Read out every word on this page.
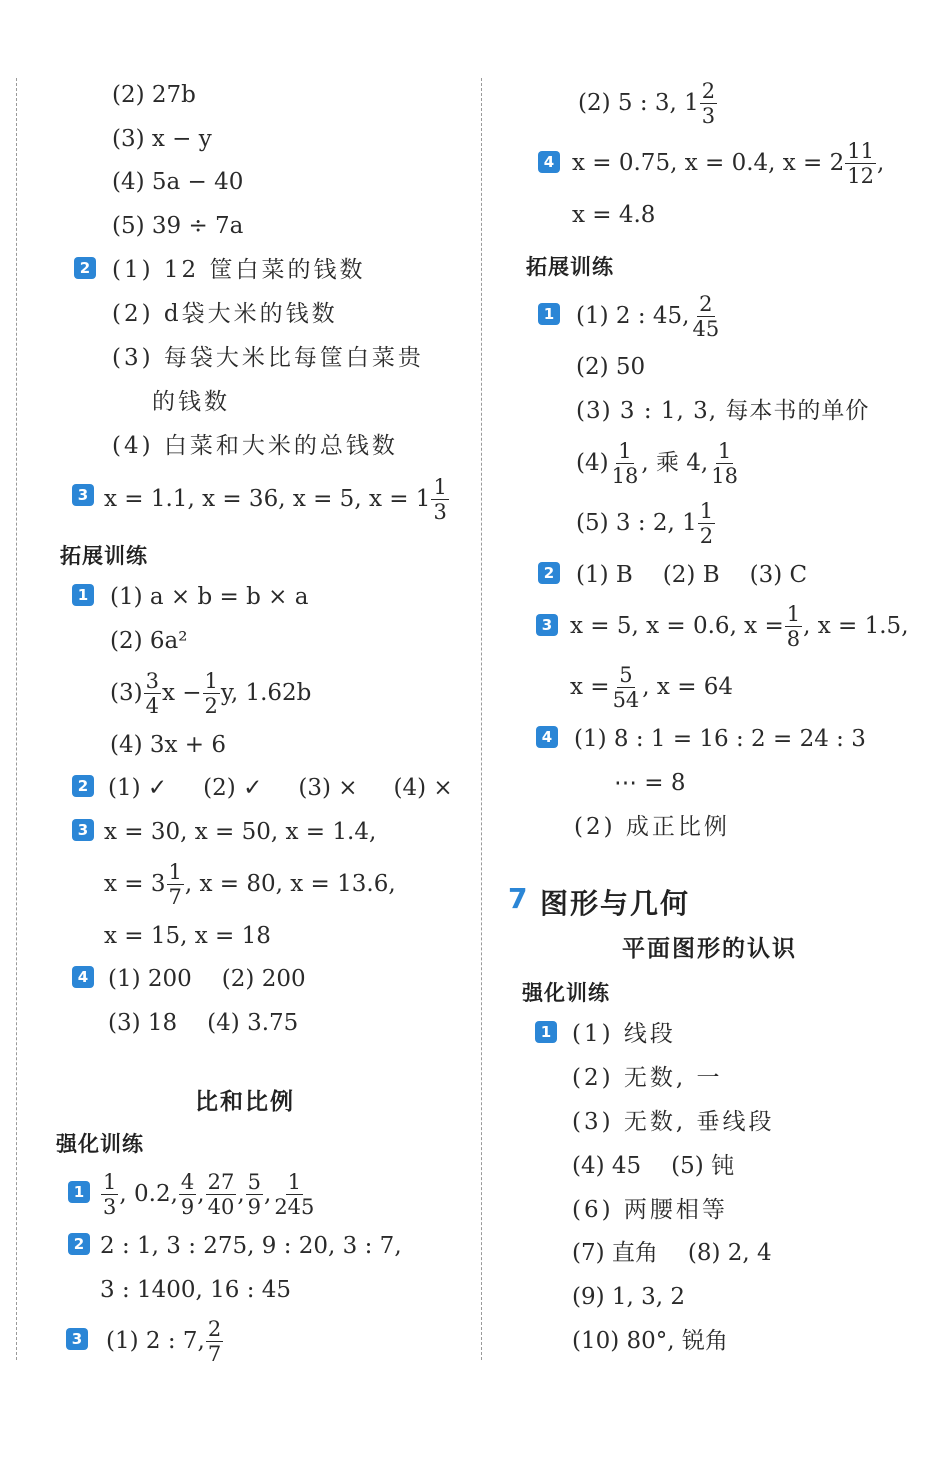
(2) 27b
(3) x − y
(4) 5a − 40
(5) 39 ÷ 7a
2 (1) 12 筐白菜的钱数
(2) d袋大米的钱数
(3) 每袋大米比每筐白菜贵
的钱数
(4) 白菜和大米的总钱数
3 x = 1.1, x = 36, x = 5, $x = 1 \frac{1}{3}$
拓展训练
1 (1) a × b = b × a
(2) 6a²
$(3) \frac{3}{4}$ $x - \frac{1}{2} y$, 1.62b
(4) 3x + 6
2 (1) ✓ (2) ✓ (3) × (4) ×
3 x = 30, x = 50, x = 1.4,
$x = 3 \frac{1}{7}$ , x = 80, x = 13.6,
x = 15, x = 18
4 (1) 200 (2) 200
(3) 18 (4) 3.75
比和比例
强化训练
$1 \frac{1}{3}$ , 0.2, $\frac{4}{9}$ , $\frac{27}{40}$ , $\frac{5}{9}$ , $\frac{1}{245}$
2 2 : 1, 3 : 275, 9 : 20, 3 : 7,
3 : 1400, 16 : 45
3 (1) 2 : 7, $\frac{2}{7}$
(2) 5 : 3, $1 \frac{2}{3}$
4 x = 0.75, x = 0.4, $x = 2 \frac{11}{12}$ ,
x = 4.8
拓展训练
1 (1) 2 : 45, $\frac{2}{45}$
(2) 50
(3) 3 : 1, 3, 每本书的单价
$(4) \frac{1}{18}$ , 乘 4, $\frac{1}{18}$
(5) 3 : 2, $1 \frac{1}{2}$
2 (1) B (2) B (3) C
3 x = 5, x = 0.6, $x = \frac{1}{8}$ , x = 1.5,
$x = \frac{5}{54}$ , x = 64
4 (1) 8 : 1 = 16 : 2 = 24 : 3
⋯ = 8
(2) 成正比例
7 图形与几何
平面图形的认识
强化训练
1 (1) 线段
(2) 无数, 一
(3) 无数, 垂线段
(4) 45 (5) 钝
(6) 两腰相等
(7) 直角 (8) 2, 4
(9) 1, 3, 2
(10) 80°, 锐角
